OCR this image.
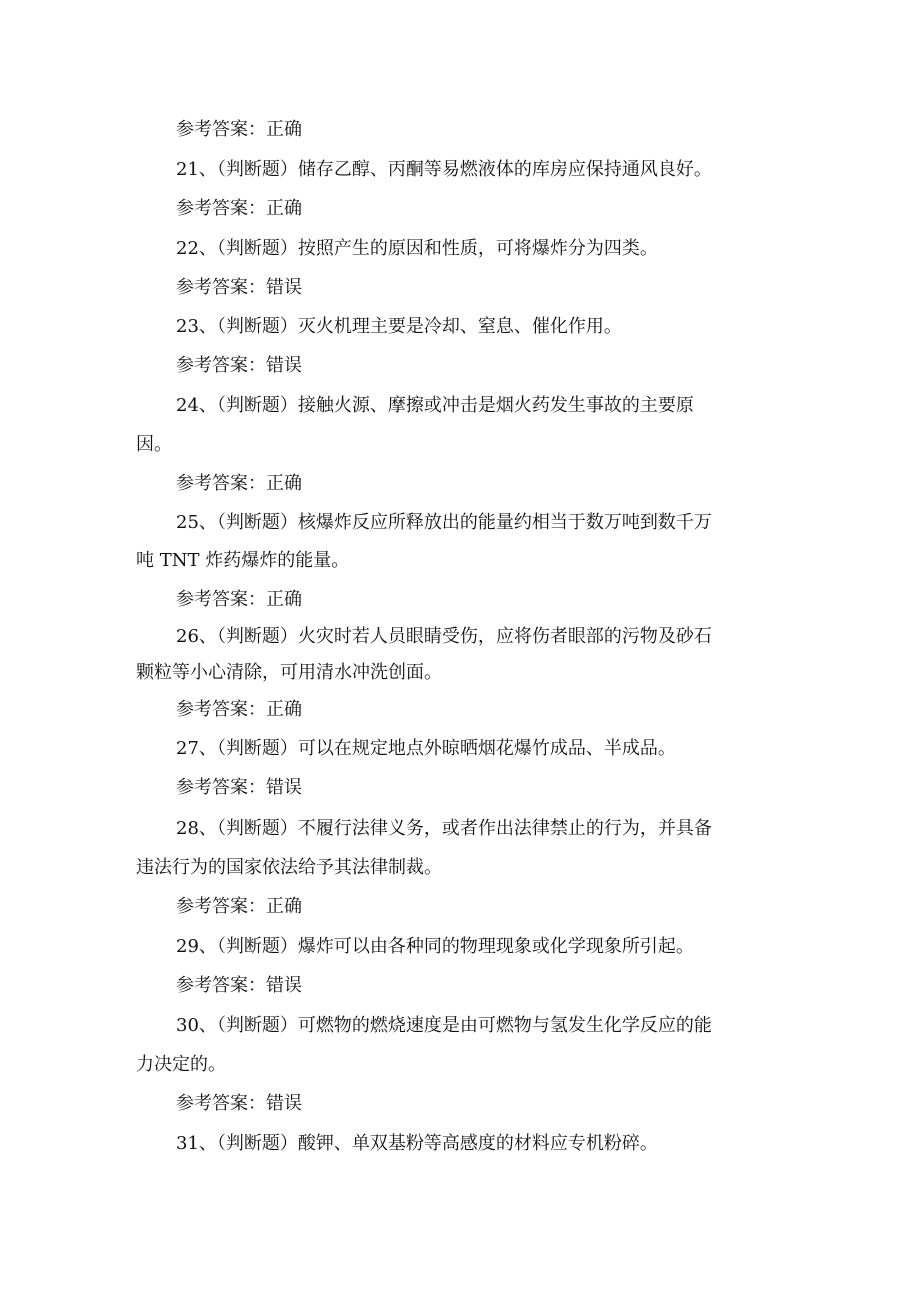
参考答案：正确
21、（判断题）储存乙醇、丙酮等易燃液体的库房应保持通风良好。
参考答案：正确
22、（判断题）按照产生的原因和性质，可将爆炸分为四类。
参考答案：错误
23、（判断题）灭火机理主要是冷却、窒息、催化作用。
参考答案：错误
24、（判断题）接触火源、摩擦或冲击是烟火药发生事故的主要原
因。
参考答案：正确
25、（判断题）核爆炸反应所释放出的能量约相当于数万吨到数千万
吨 TNT 炸药爆炸的能量。
参考答案：正确
26、（判断题）火灾时若人员眼睛受伤，应将伤者眼部的污物及砂石
颗粒等小心清除，可用清水冲洗创面。
参考答案：正确
27、（判断题）可以在规定地点外晾晒烟花爆竹成品、半成品。
参考答案：错误
28、（判断题）不履行法律义务，或者作出法律禁止的行为，并具备
违法行为的国家依法给予其法律制裁。
参考答案：正确
29、（判断题）爆炸可以由各种同的物理现象或化学现象所引起。
参考答案：错误
30、（判断题）可燃物的燃烧速度是由可燃物与氢发生化学反应的能
力决定的。
参考答案：错误
31、（判断题）酸钾、单双基粉等高感度的材料应专机粉碎。
